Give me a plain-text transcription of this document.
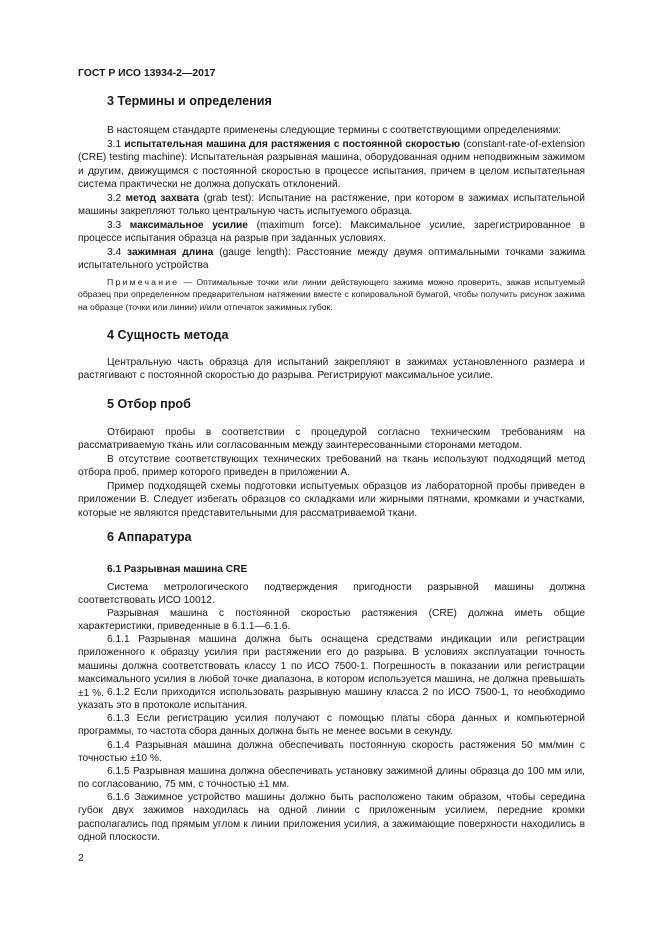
ГОСТ Р ИСО 13934-2—2017
3 Термины и определения

В настоящем стандарте применены следующие термины с соответствующими определениями:

3.1 испытательная машина для растяжения с постоянной скоростью (constant-rate-of-extension (CRE) testing machine): Испытательная разрывная машина, оборудованная одним неподвижным зажимом и другим, движущимся с постоянной скоростью в процессе испытания, причем в целом испытательная система практически не должна допускать отклонений.

3.2 метод захвата (grab test): Испытание на растяжение, при котором в зажимах испытательной машины закрепляют только центральную часть испытуемого образца.

3.3 максимальное усилие (maximum force): Максимальное усилие, зарегистрированное в процессе испытания образца на разрыв при заданных условиях.

3.4 зажимная длина (gauge length): Расстояние между двумя оптимальными точками зажима испытательного устройства

Примечание — Оптимальные точки или линии действующего зажима можно проверить, зажав испытуемый образец при определенном предварительном натяжении вместе с копировальной бумагой, чтобы получить рисунок зажима на образце (точки или линии) и/или отпечаток зажимных губок.

4 Сущность метода

Центральную часть образца для испытаний закрепляют в зажимах установленного размера и растягивают с постоянной скоростью до разрыва. Регистрируют максимальное усилие.

5 Отбор проб

Отбирают пробы в соответствии с процедурой согласно техническим требованиям на рассматриваемую ткань или согласованным между заинтересованными сторонами методом.

В отсутствие соответствующих технических требований на ткань используют подходящий метод отбора проб, пример которого приведен в приложении А.

Пример подходящей схемы подготовки испытуемых образцов из лабораторной пробы приведен в приложении В. Следует избегать образцов со складками или жирными пятнами, кромками и участками, которые не являются представительными для рассматриваемой ткани.

6 Аппаратура
6.1 Разрывная машина CRE

Система метрологического подтверждения пригодности разрывной машины должна соответствовать ИСО 10012.

Разрывная машина с постоянной скоростью растяжения (CRE) должна иметь общие характеристики, приведенные в 6.1.1—6.1.6.

6.1.1 Разрывная машина должна быть оснащена средствами индикации или регистрации приложенного к образцу усилия при растяжении его до разрыва. В условиях эксплуатации точность машины должна соответствовать классу 1 по ИСО 7500-1. Погрешность в показании или регистрации максимального усилия в любой точке диапазона, в котором используется машина, не должна превышать ±1 %. 6.1.2 Если приходится использовать разрывную машину класса 2 по ИСО 7500-1, то необходимо указать это в протоколе испытания.

6.1.3 Если регистрацию усилия получают с помощью платы сбора данных и компьютерной программы, то частота сбора данных должна быть не менее восьми в секунду.

6.1.4 Разрывная машина должна обеспечивать постоянную скорость растяжения 50 мм/мин с точностью ±10 %.

6.1.5 Разрывная машина должна обеспечивать установку зажимной длины образца до 100 мм или, по согласованию, 75 мм, с точностью ±1 мм.

6.1.6 Зажимное устройство машины должно быть расположено таким образом, чтобы середина губок двух зажимов находилась на одной линии с приложенным усилием, передние кромки располагались под прямым углом к линии приложения усилия, а зажимающие поверхности находились в одной плоскости.

2
